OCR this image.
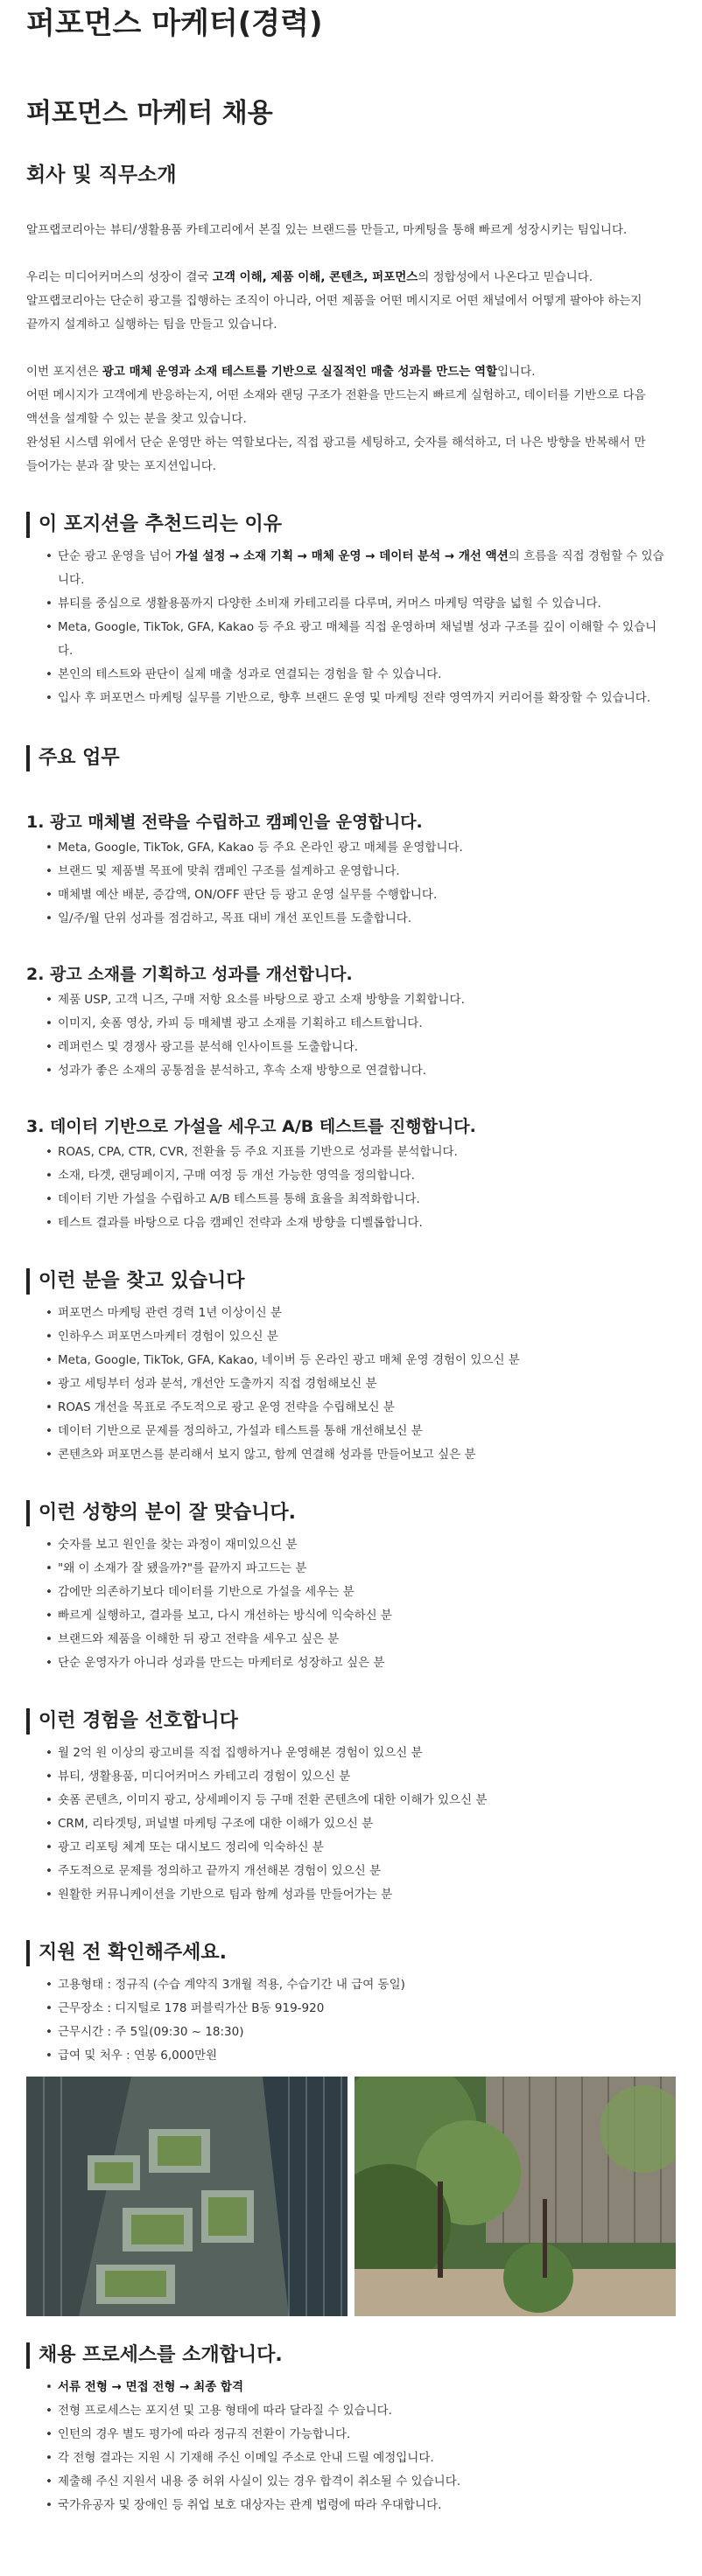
퍼포먼스 마케터(경력)
퍼포먼스 마케터 채용
회사 및 직무소개
알프랩코리아는 뷰티/생활용품 카테고리에서 본질 있는 브랜드를 만들고, 마케팅을 통해 빠르게 성장시키는 팀입니다.
우리는 미디어커머스의 성장이 결국 고객 이해, 제품 이해, 콘텐츠, 퍼포먼스의 정합성에서 나온다고 믿습니다.
알프랩코리아는 단순히 광고를 집행하는 조직이 아니라, 어떤 제품을 어떤 메시지로 어떤 채널에서 어떻게 팔아야 하는지
끝까지 설계하고 실행하는 팀을 만들고 있습니다.
이번 포지션은 광고 매체 운영과 소재 테스트를 기반으로 실질적인 매출 성과를 만드는 역할입니다.
어떤 메시지가 고객에게 반응하는지, 어떤 소재와 랜딩 구조가 전환을 만드는지 빠르게 실험하고, 데이터를 기반으로 다음
액션을 설계할 수 있는 분을 찾고 있습니다.
완성된 시스템 위에서 단순 운영만 하는 역할보다는, 직접 광고를 세팅하고, 숫자를 해석하고, 더 나은 방향을 반복해서 만
들어가는 분과 잘 맞는 포지션입니다.
이 포지션을 추천드리는 이유
• 단순 광고 운영을 넘어 가설 설정 → 소재 기획 → 매체 운영 → 데이터 분석 → 개선 액션의 흐름을 직접 경험할 수 있습
니다.
• 뷰티를 중심으로 생활용품까지 다양한 소비재 카테고리를 다루며, 커머스 마케팅 역량을 넓힐 수 있습니다.
• Meta, Google, TikTok, GFA, Kakao 등 주요 광고 매체를 직접 운영하며 채널별 성과 구조를 깊이 이해할 수 있습니
다.
• 본인의 테스트와 판단이 실제 매출 성과로 연결되는 경험을 할 수 있습니다.
• 입사 후 퍼포먼스 마케팅 실무를 기반으로, 향후 브랜드 운영 및 마케팅 전략 영역까지 커리어를 확장할 수 있습니다.
주요 업무
1. 광고 매체별 전략을 수립하고 캠페인을 운영합니다.
• Meta, Google, TikTok, GFA, Kakao 등 주요 온라인 광고 매체를 운영합니다.
• 브랜드 및 제품별 목표에 맞춰 캠페인 구조를 설계하고 운영합니다.
• 매체별 예산 배분, 증감액, ON/OFF 판단 등 광고 운영 실무를 수행합니다.
• 일/주/월 단위 성과를 점검하고, 목표 대비 개선 포인트를 도출합니다.
2. 광고 소재를 기획하고 성과를 개선합니다.
• 제품 USP, 고객 니즈, 구매 저항 요소를 바탕으로 광고 소재 방향을 기획합니다.
• 이미지, 숏폼 영상, 카피 등 매체별 광고 소재를 기획하고 테스트합니다.
• 레퍼런스 및 경쟁사 광고를 분석해 인사이트를 도출합니다.
• 성과가 좋은 소재의 공통점을 분석하고, 후속 소재 방향으로 연결합니다.
3. 데이터 기반으로 가설을 세우고 A/B 테스트를 진행합니다.
• ROAS, CPA, CTR, CVR, 전환율 등 주요 지표를 기반으로 성과를 분석합니다.
• 소재, 타겟, 랜딩페이지, 구매 여정 등 개선 가능한 영역을 정의합니다.
• 데이터 기반 가설을 수립하고 A/B 테스트를 통해 효율을 최적화합니다.
• 테스트 결과를 바탕으로 다음 캠페인 전략과 소재 방향을 디벨롭합니다.
이런 분을 찾고 있습니다
• 퍼포먼스 마케팅 관련 경력 1년 이상이신 분
• 인하우스 퍼포먼스마케터 경험이 있으신 분
• Meta, Google, TikTok, GFA, Kakao, 네이버 등 온라인 광고 매체 운영 경험이 있으신 분
• 광고 세팅부터 성과 분석, 개선안 도출까지 직접 경험해보신 분
• ROAS 개선을 목표로 주도적으로 광고 운영 전략을 수립해보신 분
• 데이터 기반으로 문제를 정의하고, 가설과 테스트를 통해 개선해보신 분
• 콘텐츠와 퍼포먼스를 분리해서 보지 않고, 함께 연결해 성과를 만들어보고 싶은 분
이런 성향의 분이 잘 맞습니다.
• 숫자를 보고 원인을 찾는 과정이 재미있으신 분
• "왜 이 소재가 잘 됐을까?"를 끝까지 파고드는 분
• 감에만 의존하기보다 데이터를 기반으로 가설을 세우는 분
• 빠르게 실행하고, 결과를 보고, 다시 개선하는 방식에 익숙하신 분
• 브랜드와 제품을 이해한 뒤 광고 전략을 세우고 싶은 분
• 단순 운영자가 아니라 성과를 만드는 마케터로 성장하고 싶은 분
이런 경험을 선호합니다
• 월 2억 원 이상의 광고비를 직접 집행하거나 운영해본 경험이 있으신 분
• 뷰티, 생활용품, 미디어커머스 카테고리 경험이 있으신 분
• 숏폼 콘텐츠, 이미지 광고, 상세페이지 등 구매 전환 콘텐츠에 대한 이해가 있으신 분
• CRM, 리타겟팅, 퍼널별 마케팅 구조에 대한 이해가 있으신 분
• 광고 리포팅 체계 또는 대시보드 정리에 익숙하신 분
• 주도적으로 문제를 정의하고 끝까지 개선해본 경험이 있으신 분
• 원활한 커뮤니케이션을 기반으로 팀과 함께 성과를 만들어가는 분
지원 전 확인해주세요.
• 고용형태 : 정규직 (수습 계약직 3개월 적용, 수습기간 내 급여 동일)
• 근무장소 : 디지털로 178 퍼블릭가산 B동 919-920
• 근무시간 : 주 5일(09:30 ~ 18:30)
• 급여 및 처우 : 연봉 6,000만원
채용 프로세스를 소개합니다.
• 서류 전형 → 면접 전형 → 최종 합격
• 전형 프로세스는 포지션 및 고용 형태에 따라 달라질 수 있습니다.
• 인턴의 경우 별도 평가에 따라 정규직 전환이 가능합니다.
• 각 전형 결과는 지원 시 기재해 주신 이메일 주소로 안내 드릴 예정입니다.
• 제출해 주신 지원서 내용 중 허위 사실이 있는 경우 합격이 취소될 수 있습니다.
• 국가유공자 및 장애인 등 취업 보호 대상자는 관계 법령에 따라 우대합니다.
